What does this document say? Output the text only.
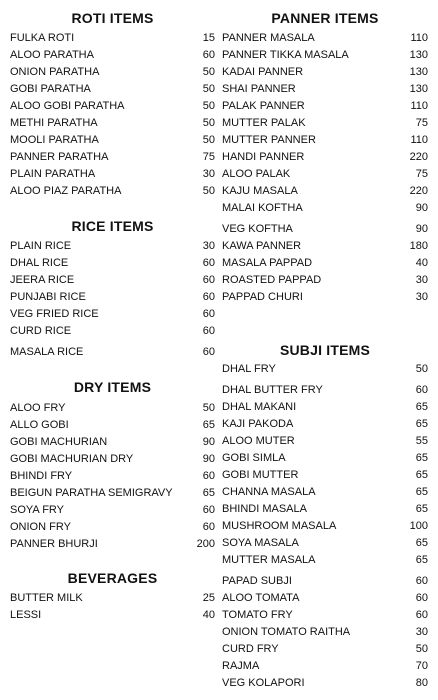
ROTI ITEMS
FULKA ROTI	15
ALOO PARATHA	60
ONION PARATHA	50
GOBI PARATHA	50
ALOO GOBI PARATHA	50
METHI PARATHA	50
MOOLI PARATHA	50
PANNER PARATHA	75
PLAIN PARATHA	30
ALOO PIAZ PARATHA	50
RICE ITEMS
PLAIN RICE	30
DHAL RICE	60
JEERA RICE	60
PUNJABI RICE	60
VEG FRIED RICE	60
CURD RICE	60
MASALA RICE	60
DRY ITEMS
ALOO FRY	50
ALLO GOBI	65
GOBI MACHURIAN	90
GOBI MACHURIAN DRY	90
BHINDI FRY	60
BEIGUN PARATHA SEMIGRAVY	65
SOYA FRY	60
ONION FRY	60
PANNER BHURJI	200
BEVERAGES
BUTTER MILK	25
LESSI	40
PANNER ITEMS
PANNER MASALA	110
PANNER TIKKA MASALA	130
KADAI PANNER	130
SHAI PANNER	130
PALAK PANNER	110
MUTTER PALAK	75
MUTTER PANNER	110
HANDI PANNER	220
ALOO PALAK	75
KAJU MASALA	220
MALAI KOFTHA	90
VEG KOFTHA	90
KAWA PANNER	180
MASALA PAPPAD	40
ROASTED PAPPAD	30
PAPPAD CHURI	30
SUBJI ITEMS
DHAL FRY	50
DHAL BUTTER FRY	60
DHAL MAKANI	65
KAJI PAKODA	65
ALOO MUTER	55
GOBI SIMLA	65
GOBI MUTTER	65
CHANNA MASALA	65
BHINDI MASALA	65
MUSHROOM MASALA	100
SOYA MASALA	65
MUTTER MASALA	65
PAPAD SUBJI	60
ALOO TOMATA	60
TOMATO FRY	60
ONION TOMATO RAITHA	30
CURD FRY	50
RAJMA	70
VEG KOLAPORI	80
